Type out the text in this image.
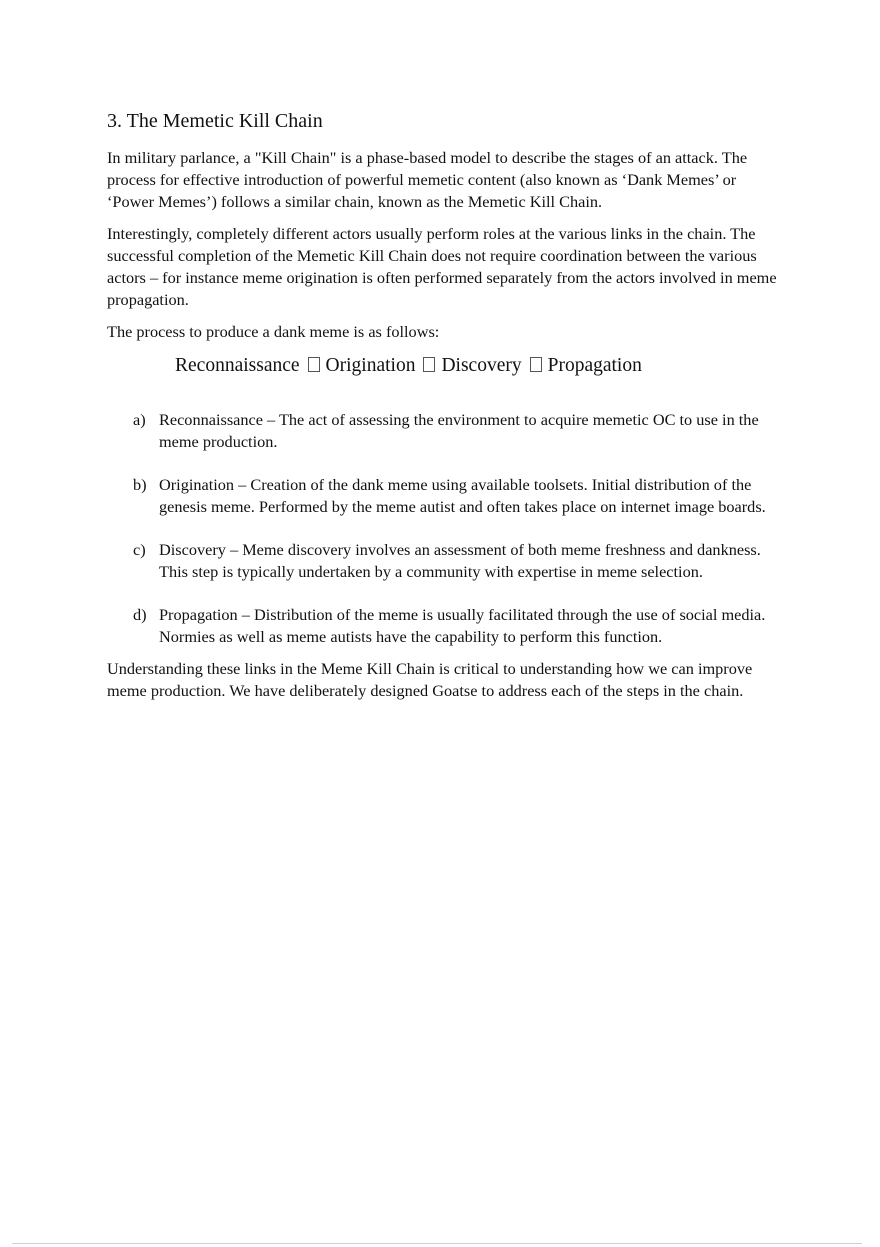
3. The Memetic Kill Chain

In military parlance, a "Kill Chain" is a phase-based model to describe the stages of an attack. The process for effective introduction of powerful memetic content (also known as ‘Dank Memes’ or ‘Power Memes’) follows a similar chain, known as the Memetic Kill Chain.

Interestingly, completely different actors usually perform roles at the various links in the chain. The successful completion of the Memetic Kill Chain does not require coordination between the various actors – for instance meme origination is often performed separately from the actors involved in meme propagation.

The process to produce a dank meme is as follows:

Reconnaissance Origination Discovery Propagation
a) Reconnaissance – The act of assessing the environment to acquire memetic OC to use in the meme production.
b) Origination – Creation of the dank meme using available toolsets. Initial distribution of the genesis meme. Performed by the meme autist and often takes place on internet image boards.
c) Discovery – Meme discovery involves an assessment of both meme freshness and dankness. This step is typically undertaken by a community with expertise in meme selection.
d) Propagation – Distribution of the meme is usually facilitated through the use of social media. Normies as well as meme autists have the capability to perform this function.

Understanding these links in the Meme Kill Chain is critical to understanding how we can improve meme production. We have deliberately designed Goatse to address each of the steps in the chain.
